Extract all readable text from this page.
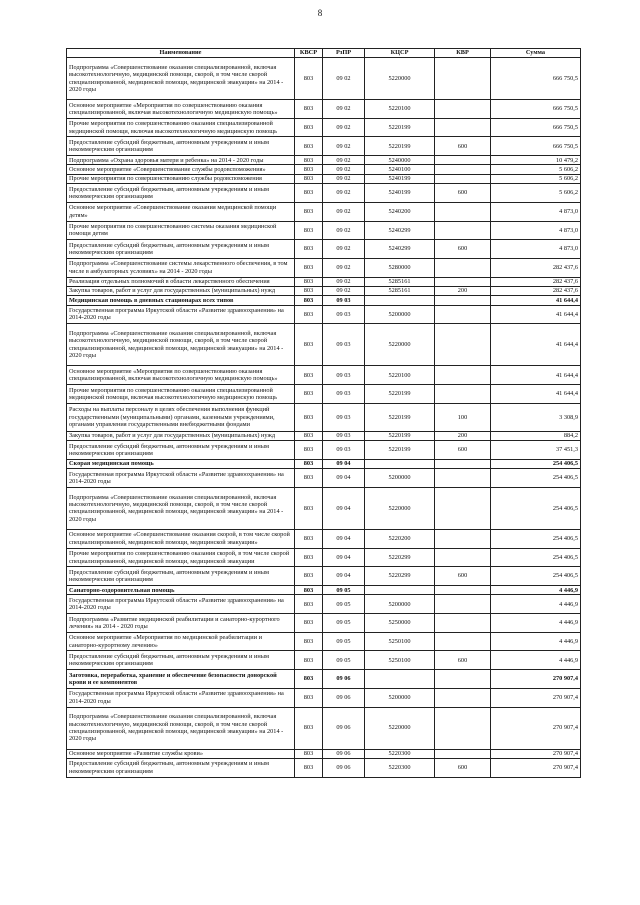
8
Наименование	КВСР	РзПР	КЦСР	КВР	Сумма
Подпрограмма «Совершенствование оказания специализированной, включая высокотехнологичную, медицинской помощи, скорой, в том числе скорой специализированной, медицинской помощи, медицинской эвакуации» на 2014 - 2020 годы	803	09 02	5220000		666 750,5
Основное мероприятие «Мероприятия по совершенствованию оказания специализированной, включая высокотехнологичную медицинскую помощь»	803	09 02	5220100		666 750,5
Прочие мероприятия по совершенствованию оказания специализированной медицинской помощи, включая высокотехнологичную медицинскую помощь	803	09 02	5220199		666 750,5
Предоставление субсидий бюджетным, автономным учреждениям и иным некоммерческим организациям	803	09 02	5220199	600	666 750,5
Подпрограмма «Охрана здоровья матери и ребенка» на 2014 - 2020 годы	803	09 02	5240000		10 479,2
Основное мероприятие «Совершенствование службы родовспоможения»	803	09 02	5240100		5 606,2
Прочие мероприятия по совершенствованию службы родовспоможения	803	09 02	5240199		5 606,2
Предоставление субсидий бюджетным, автономным учреждениям и иным некоммерческим организациям	803	09 02	5240199	600	5 606,2
Основное мероприятие «Совершенствование оказания медицинской помощи детям»	803	09 02	5240200		4 873,0
Прочие мероприятия по совершенствованию системы оказания медицинской помощи детям	803	09 02	5240299		4 873,0
Предоставление субсидий бюджетным, автономным учреждениям и иным некоммерческим организациям	803	09 02	5240299	600	4 873,0
Подпрограмма «Совершенствование системы лекарственного обеспечения, в том числе в амбулаторных условиях» на 2014 - 2020 годы	803	09 02	5280000		282 437,6
Реализация отдельных полномочий в области лекарственного обеспечения	803	09 02	5285161		282 437,6
Закупка товаров, работ и услуг для государственных (муниципальных) нужд	803	09 02	5285161	200	282 437,6
Медицинская помощь в дневных стационарах всех типов	803	09 03			41 644,4
Государственная программа Иркутской области «Развитие здравоохранения» на 2014-2020 годы	803	09 03	5200000		41 644,4
Подпрограмма «Совершенствование оказания специализированной, включая высокотехнологичную, медицинской помощи, скорой, в том числе скорой специализированной, медицинской помощи, медицинской эвакуации» на 2014 - 2020 годы	803	09 03	5220000		41 644,4
Основное мероприятие «Мероприятия по совершенствованию оказания специализированной, включая высокотехнологичную медицинскую помощь»	803	09 03	5220100		41 644,4
Прочие мероприятия по совершенствованию оказания специализированной медицинской помощи, включая высокотехнологичную медицинскую помощь	803	09 03	5220199		41 644,4
Расходы на выплаты персоналу в целях обеспечения выполнения функций государственными (муниципальными) органами, казенными учреждениями, органами управления государственными внебюджетными фондами	803	09 03	5220199	100	3 308,9
Закупка товаров, работ и услуг для государственных (муниципальных) нужд	803	09 03	5220199	200	884,2
Предоставление субсидий бюджетным, автономным учреждениям и иным некоммерческим организациям	803	09 03	5220199	600	37 451,3
Скорая медицинская помощь	803	09 04			254 406,5
Государственная программа Иркутской области «Развитие здравоохранения» на 2014-2020 годы	803	09 04	5200000		254 406,5
Подпрограмма «Совершенствование оказания специализированной, включая высокотехнологичную, медицинской помощи, скорой, в том числе скорой специализированной, медицинской помощи, медицинской эвакуации» на 2014 - 2020 годы	803	09 04	5220000		254 406,5
Основное мероприятие «Совершенствование оказания скорой, в том числе скорой специализированной, медицинской помощи, медицинской эвакуации»	803	09 04	5220200		254 406,5
Прочие мероприятия по совершенствованию оказания скорой, в том числе скорой специализированной, медицинской помощи, медицинской эвакуации	803	09 04	5220299		254 406,5
Предоставление субсидий бюджетным, автономным учреждениям и иным некоммерческим организациям	803	09 04	5220299	600	254 406,5
Санаторно-оздоровительная помощь	803	09 05			4 446,9
Государственная программа Иркутской области «Развитие здравоохранения» на 2014-2020 годы	803	09 05	5200000		4 446,9
Подпрограмма «Развитие медицинской реабилитации и санаторно-курортного лечения» на 2014 - 2020 годы	803	09 05	5250000		4 446,9
Основное мероприятие «Мероприятия по медицинской реабилитации и санаторно-курортному лечению»	803	09 05	5250100		4 446,9
Предоставление субсидий бюджетным, автономным учреждениям и иным некоммерческим организациям	803	09 05	5250100	600	4 446,9
Заготовка, переработка, хранение и обеспечение безопасности донорской крови и ее компонентов	803	09 06			270 907,4
Государственная программа Иркутской области «Развитие здравоохранения» на 2014-2020 годы	803	09 06	5200000		270 907,4
Подпрограмма «Совершенствование оказания специализированной, включая высокотехнологичную, медицинской помощи, скорой, в том числе скорой специализированной, медицинской помощи, медицинской эвакуации» на 2014 - 2020 годы	803	09 06	5220000		270 907,4
Основное мероприятие «Развитие службы крови»	803	09 06	5220300		270 907,4
Предоставление субсидий бюджетным, автономным учреждениям и иным некоммерческим организациям	803	09 06	5220300	600	270 907,4
